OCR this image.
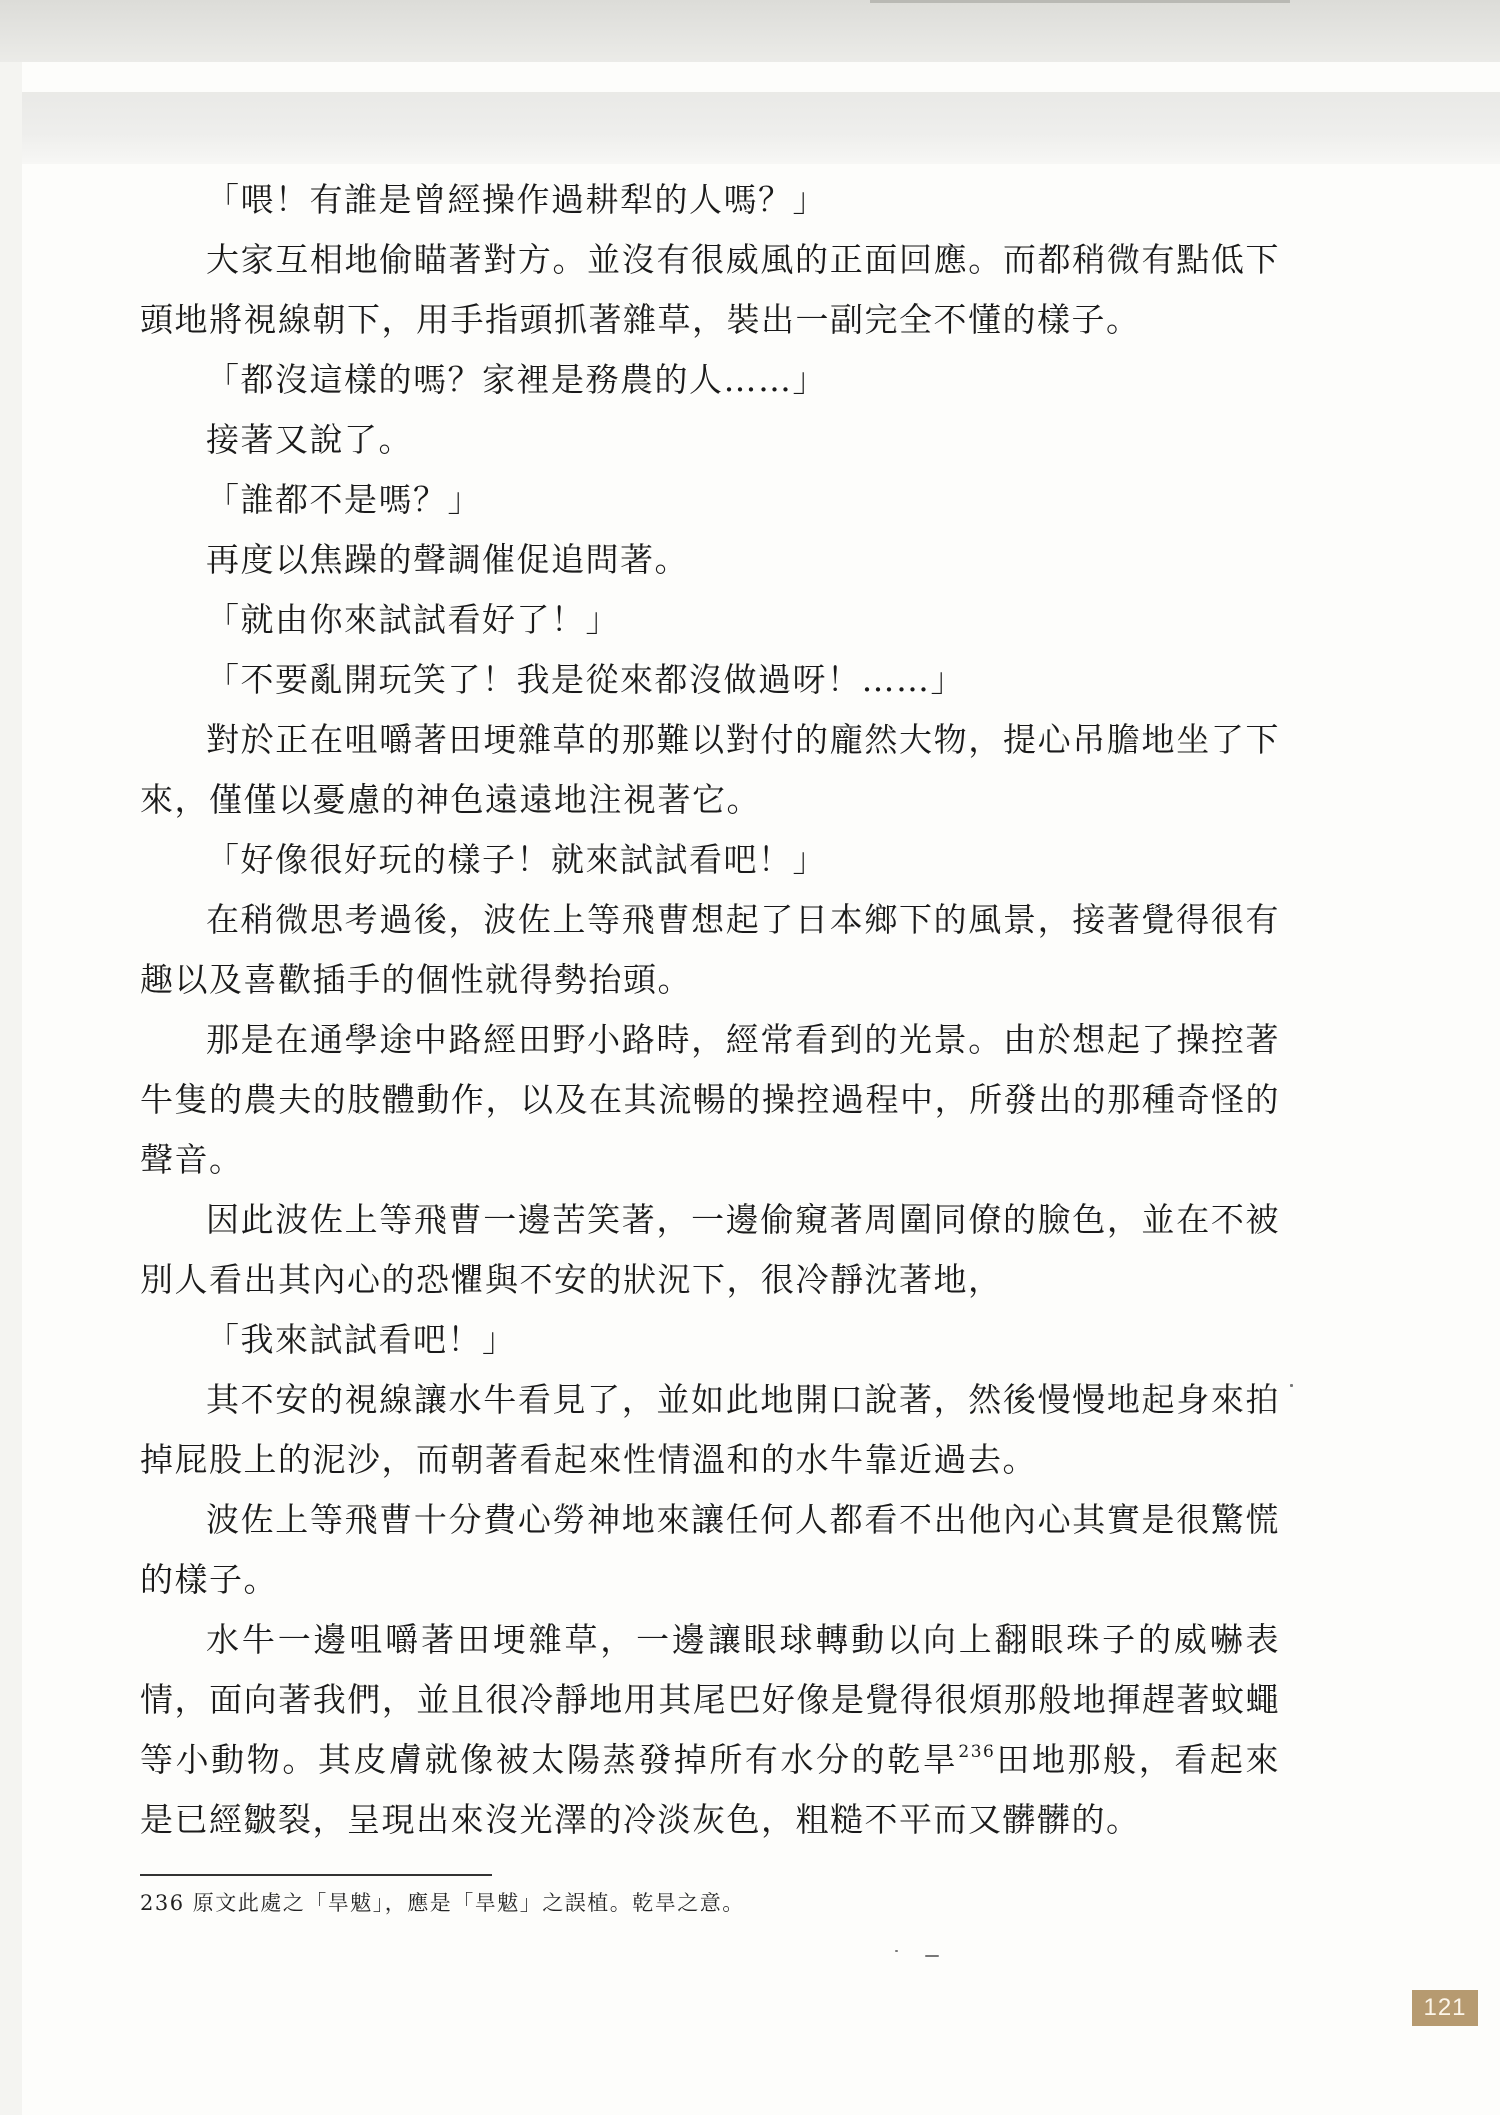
「喂！有誰是曾經操作過耕犁的人嗎？」

大家互相地偷瞄著對方。並沒有很威風的正面回應。而都稍微有點低下頭地將視線朝下，用手指頭抓著雜草，裝出一副完全不懂的樣子。

「都沒這樣的嗎？家裡是務農的人……」

接著又說了。

「誰都不是嗎？」

再度以焦躁的聲調催促追問著。

「就由你來試試看好了！」

「不要亂開玩笑了！我是從來都沒做過呀！……」

對於正在咀嚼著田埂雜草的那難以對付的龐然大物，提心吊膽地坐了下來，僅僅以憂慮的神色遠遠地注視著它。

「好像很好玩的樣子！就來試試看吧！」

在稍微思考過後，波佐上等飛曹想起了日本鄉下的風景，接著覺得很有趣以及喜歡插手的個性就得勢抬頭。

那是在通學途中路經田野小路時，經常看到的光景。由於想起了操控著牛隻的農夫的肢體動作，以及在其流暢的操控過程中，所發出的那種奇怪的聲音。

因此波佐上等飛曹一邊苦笑著，一邊偷窺著周圍同僚的臉色，並在不被別人看出其內心的恐懼與不安的狀況下，很冷靜沈著地，

「我來試試看吧！」

其不安的視線讓水牛看見了，並如此地開口說著，然後慢慢地起身來拍掉屁股上的泥沙，而朝著看起來性情溫和的水牛靠近過去。

波佐上等飛曹十分費心勞神地來讓任何人都看不出他內心其實是很驚慌的樣子。

水牛一邊咀嚼著田埂雜草，一邊讓眼球轉動以向上翻眼珠子的威嚇表情，面向著我們，並且很冷靜地用其尾巴好像是覺得很煩那般地揮趕著蚊蠅等小動物。其皮膚就像被太陽蒸發掉所有水分的乾旱$^{236}$田地那般，看起來是已經皺裂，呈現出來沒光澤的冷淡灰色，粗糙不平而又髒髒的。

236 原文此處之「旱魃」，應是「旱魃」之誤植。乾旱之意。
121
